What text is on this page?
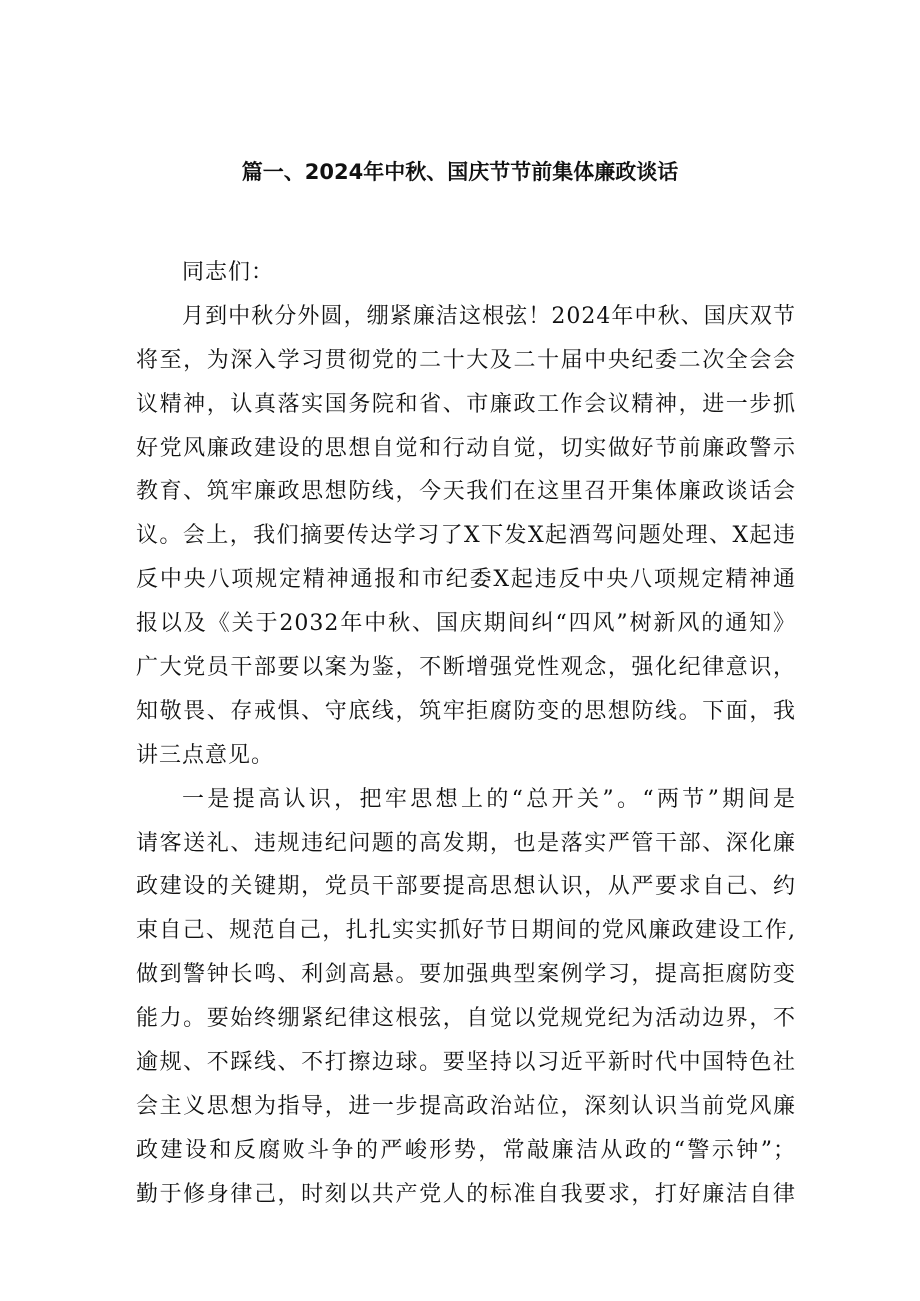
篇一、2024年中秋、国庆节节前集体廉政谈话
同志们：
月到中秋分外圆，绷紧廉洁这根弦！2024年中秋、国庆双节
将至，为深入学习贯彻党的二十大及二十届中央纪委二次全会会
议精神，认真落实国务院和省、市廉政工作会议精神，进一步抓
好党风廉政建设的思想自觉和行动自觉，切实做好节前廉政警示
教育、筑牢廉政思想防线，今天我们在这里召开集体廉政谈话会
议。会上，我们摘要传达学习了X下发X起酒驾问题处理、X起违
反中央八项规定精神通报和市纪委X起违反中央八项规定精神通
报以及《关于2032年中秋、国庆期间纠“四风”树新风的通知》
广大党员干部要以案为鉴，不断增强党性观念，强化纪律意识，
知敬畏、存戒惧、守底线，筑牢拒腐防变的思想防线。下面，我
讲三点意见。
一是提高认识，把牢思想上的“总开关”。“两节”期间是
请客送礼、违规违纪问题的高发期，也是落实严管干部、深化廉
政建设的关键期，党员干部要提高思想认识，从严要求自己、约
束自己、规范自己，扎扎实实抓好节日期间的党风廉政建设工作,
做到警钟长鸣、利剑高悬。要加强典型案例学习，提高拒腐防变
能力。要始终绷紧纪律这根弦，自觉以党规党纪为活动边界，不
逾规、不踩线、不打擦边球。要坚持以习近平新时代中国特色社
会主义思想为指导，进一步提高政治站位，深刻认识当前党风廉
政建设和反腐败斗争的严峻形势，常敲廉洁从政的“警示钟”；
勤于修身律己，时刻以共产党人的标准自我要求，打好廉洁自律
